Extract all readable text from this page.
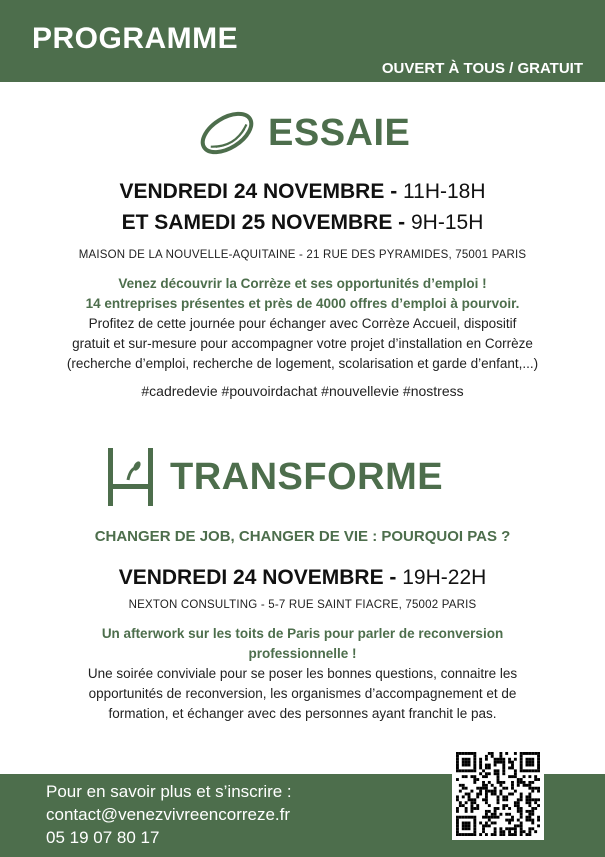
PROGRAMME
OUVERT À TOUS / GRATUIT
ESSAIE
VENDREDI 24 NOVEMBRE - 11H-18H
ET SAMEDI 25 NOVEMBRE - 9H-15H
MAISON DE LA NOUVELLE-AQUITAINE - 21 RUE DES PYRAMIDES, 75001 PARIS
Venez découvrir la Corrèze et ses opportunités d’emploi !
14 entreprises présentes et près de 4000 offres d’emploi à pourvoir.
Profitez de cette journée pour échanger avec Corrèze Accueil, dispositif
gratuit et sur-mesure pour accompagner votre projet d’installation en Corrèze
(recherche d’emploi, recherche de logement, scolarisation et garde d’enfant,...)
#cadredevie #pouvoirdachat #nouvellevie #nostress
TRANSFORME
CHANGER DE JOB, CHANGER DE VIE : POURQUOI PAS ?
VENDREDI 24 NOVEMBRE - 19H-22H
NEXTON CONSULTING - 5-7 RUE SAINT FIACRE, 75002 PARIS
Un afterwork sur les toits de Paris pour parler de reconversion
professionnelle !
Une soirée conviviale pour se poser les bonnes questions, connaitre les
opportunités de reconversion, les organismes d’accompagnement et de
formation, et échanger avec des personnes ayant franchit le pas.
Pour en savoir plus et s’inscrire :
contact@venezvivreencorreze.fr
05 19 07 80 17
